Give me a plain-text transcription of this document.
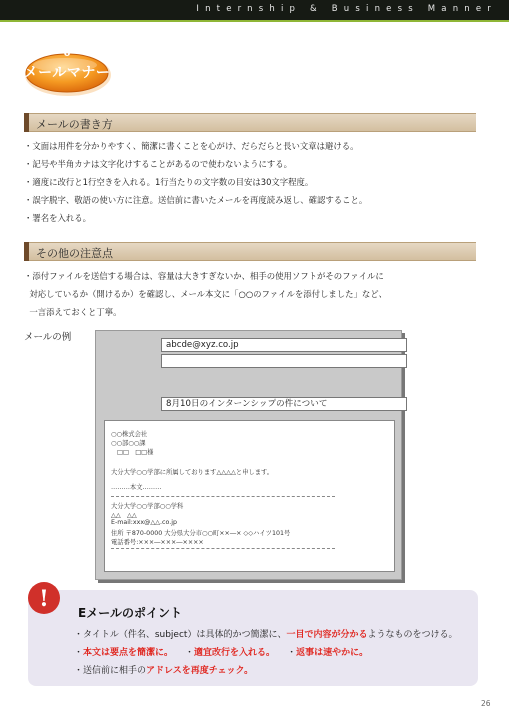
Internship & Business Manner
6
メールマナー
メールの書き方
・文面は用件を分かりやすく、簡潔に書くことを心がけ、だらだらと長い文章は避ける。
・記号や半角カナは文字化けすることがあるので使わないようにする。
・適度に改行と1行空きを入れる。1行当たりの文字数の目安は30文字程度。
・誤字脱字、敬語の使い方に注意。送信前に書いたメールを再度読み返し、確認すること。
・署名を入れる。
その他の注意点
・添付ファイルを送信する場合は、容量は大きすぎないか、相手の使用ソフトがそのファイルに
対応しているか（開けるか）を確認し、メール本文に「○○のファイルを添付しました」など、
一言添えておくと丁寧。
メールの例
abcde@xyz.co.jp
8月10日のインターンシップの件について
○○株式会社
○○部○○課
□□　□□様
大分大学○○学部に所属しております△△△△と申します。
………本文………
大分大学○○学部○○学科
△△　△△
E-mail:xxx@△△.co.jp
住所 〒870-0000 大分県大分市○○町××―× ◇◇ハイツ101号
電話番号:×××―×××―××××
!
Eメールのポイント
・タイトル（件名、subject）は具体的かつ簡潔に、一目で内容が分かるようなものをつける。
・本文は要点を簡潔に。 ・適宜改行を入れる。 ・返事は速やかに。
・送信前に相手のアドレスを再度チェック。
26
